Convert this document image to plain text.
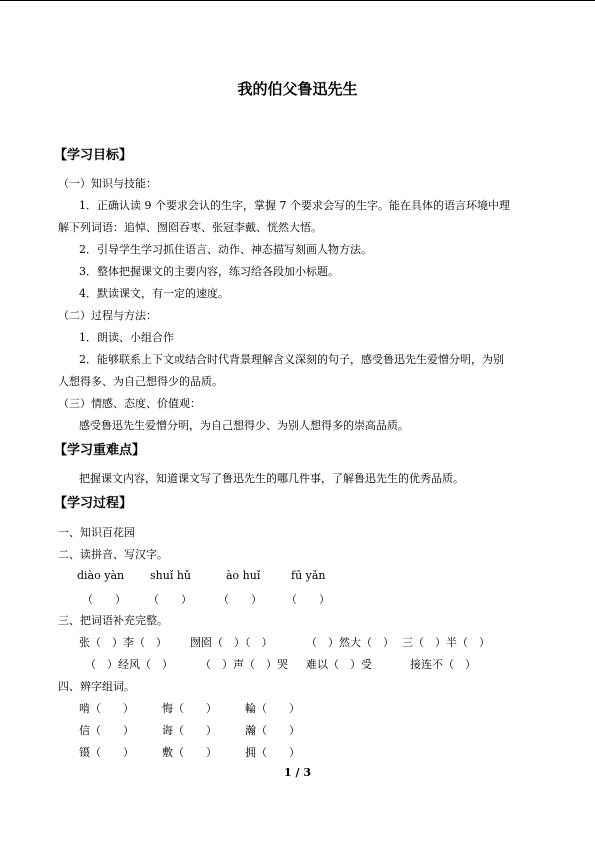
我的伯父鲁迅先生
【学习目标】
（一）知识与技能：
1．正确认读 9 个要求会认的生字，掌握 7 个要求会写的生字。能在具体的语言环境中理
解下列词语：追悼、囫囵吞枣、张冠李戴、恍然大悟。
2．引导学生学习抓住语言、动作、神态描写刻画人物方法。
3．整体把握课文的主要内容，练习给各段加小标题。
4．默读课文，有一定的速度。
（二）过程与方法：
1．朗读、小组合作
2．能够联系上下文或结合时代背景理解含义深刻的句子，感受鲁迅先生爱憎分明，为别
人想得多、为自己想得少的品质。
（三）情感、态度、价值观：
感受鲁迅先生爱憎分明，为自己想得少、为别人想得多的崇高品质。
【学习重难点】
把握课文内容，知道课文写了鲁迅先生的哪几件事，了解鲁迅先生的优秀品质。
【学习过程】
一、知识百花园
二、读拼音、写汉字。
diào yàn shuǐ hǔ	ào huǐ	fū yǎn
（　　） （　　） （　　） （　　）
三、把词语补充完整。
张（　）李（　） 囫囵（　）（　）	（　）然大（　） 三（　）半（　）
（　）经风（　） （　）声（　）哭 难以（　）受	接连不（　）
四、辨字组词。
啃（　　）	悔（　　）	輪（　　）
信（　　）	诲（　　）	瀚（　　）
镊（　　）	敷（　　）	拥（　　）
1 / 3
